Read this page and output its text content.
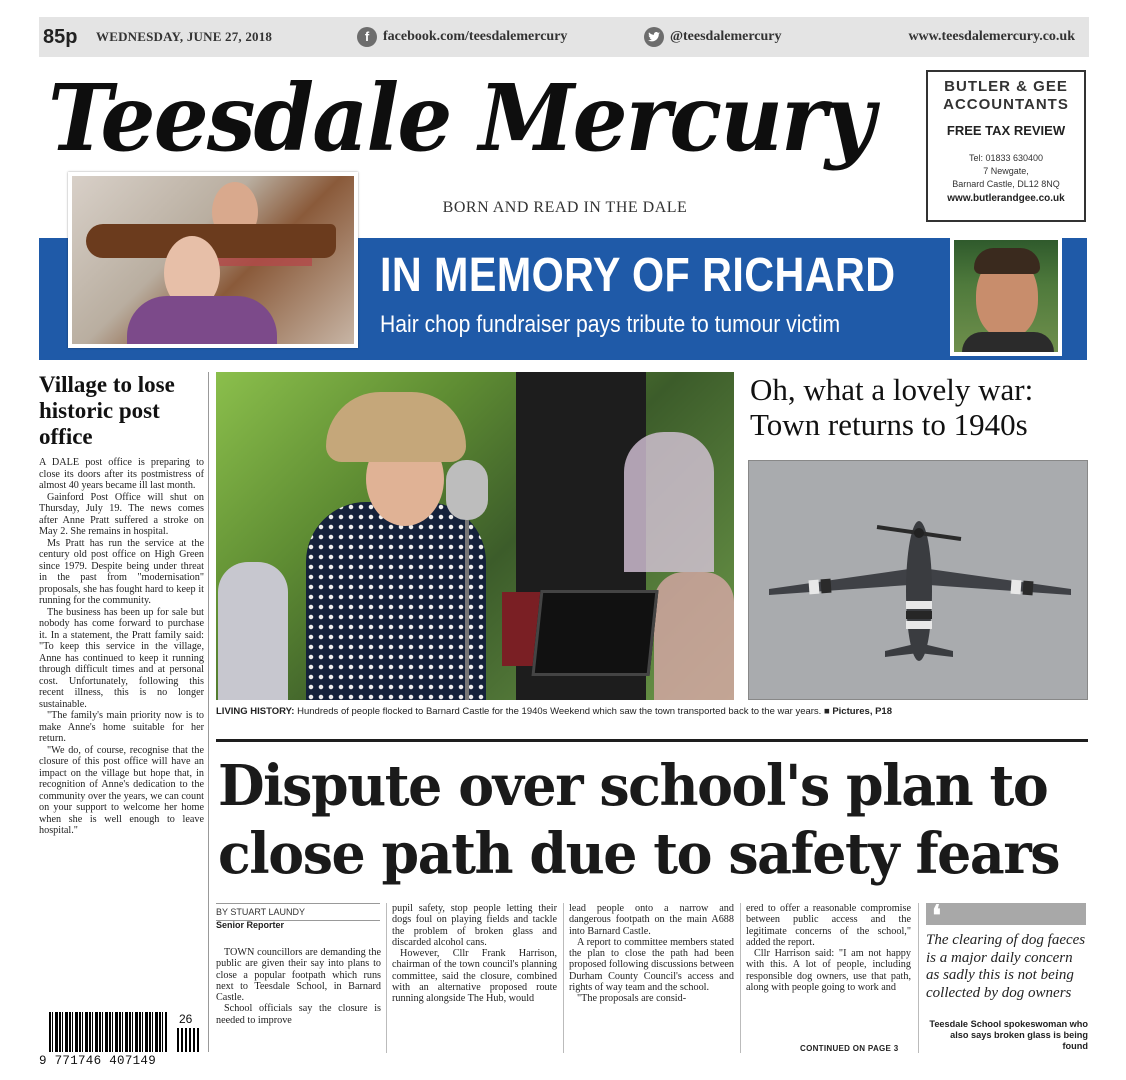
85p	WEDNESDAY, JUNE 27, 2018	f facebook.com/teesdalemercury	@teesdalemercury	www.teesdalemercury.co.uk
Teesdale Mercury
BORN AND READ IN THE DALE
BUTLER & GEE
ACCOUNTANTS
FREE TAX REVIEW
Tel: 01833 630400
7 Newgate,
Barnard Castle, DL12 8NQ
www.butlerandgee.co.uk
IN MEMORY OF RICHARD
Hair chop fundraiser pays tribute to tumour victim
Village to lose historic post office

A DALE post office is preparing to close its doors after its postmistress of almost 40 years became ill last month.

Gainford Post Office will shut on Thursday, July 19. The news comes after Anne Pratt suffered a stroke on May 2. She remains in hospital.

Ms Pratt has run the service at the century old post office on High Green since 1979. Despite being under threat in the past from "modernisation" proposals, she has fought hard to keep it running for the community.

The business has been up for sale but nobody has come forward to purchase it. In a statement, the Pratt family said: "To keep this service in the village, Anne has continued to keep it running through difficult times and at personal cost. Unfortunately, following this recent illness, this is no longer sustainable.

"The family's main priority now is to make Anne's home suitable for her return.

"We do, of course, recognise that the closure of this post office will have an impact on the village but hope that, in recognition of Anne's dedication to the community over the years, we can count on your support to welcome her home when she is well enough to leave hospital."

LIVING HISTORY: Hundreds of people flocked to Barnard Castle for the 1940s Weekend which saw the town transported back to the war years. ■ Pictures, P18
Oh, what a lovely war: Town returns to 1940s
Dispute over school's plan to close path due to safety fears
BY STUART LAUNDY
Senior Reporter

TOWN councillors are demanding the public are given their say into plans to close a popular footpath which runs next to Teesdale School, in Barnard Castle.

School officials say the closure is needed to improve

pupil safety, stop people letting their dogs foul on playing fields and tackle the problem of broken glass and discarded alcohol cans.

However, Cllr Frank Harrison, chairman of the town council's planning committee, said the closure, combined with an alternative proposed route running alongside The Hub, would

lead people onto a narrow and dangerous footpath on the main A688 into Barnard Castle.

A report to committee members stated the plan to close the path had been proposed following discussions between Durham County Council's access and rights of way team and the school.

"The proposals are consid-

ered to offer a reasonable compromise between public access and the legitimate concerns of the school," added the report.

Cllr Harrison said: "I am not happy with this. A lot of people, including responsible dog owners, use that path, along with people going to work and

CONTINUED ON PAGE 3
❛
The clearing of dog faeces is a major daily concern as sadly this is not being collected by dog owners
Teesdale School spokeswoman who also says broken glass is being found
26
9 771746 407149
